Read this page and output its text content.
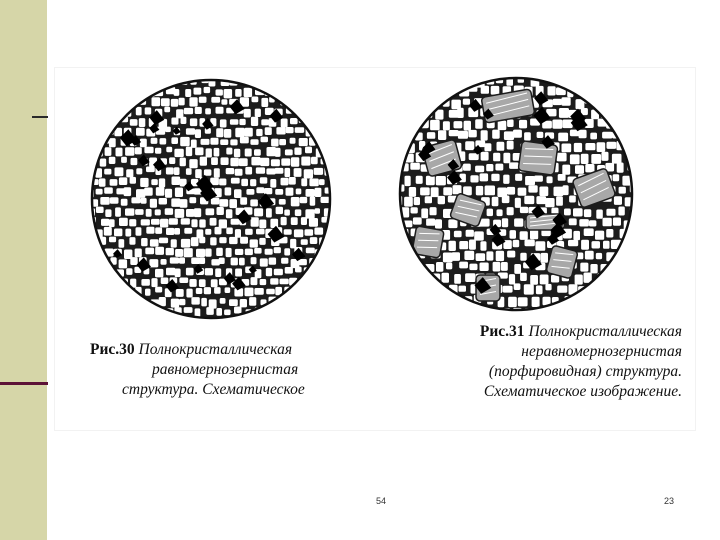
Рис.30 Полнокристаллическая
равномернозернистая
структура. Схематическое
Рис.31 Полнокристаллическая
неравномернозернистая
(порфировидная) структура.
Схематическое изображение.
54	23
